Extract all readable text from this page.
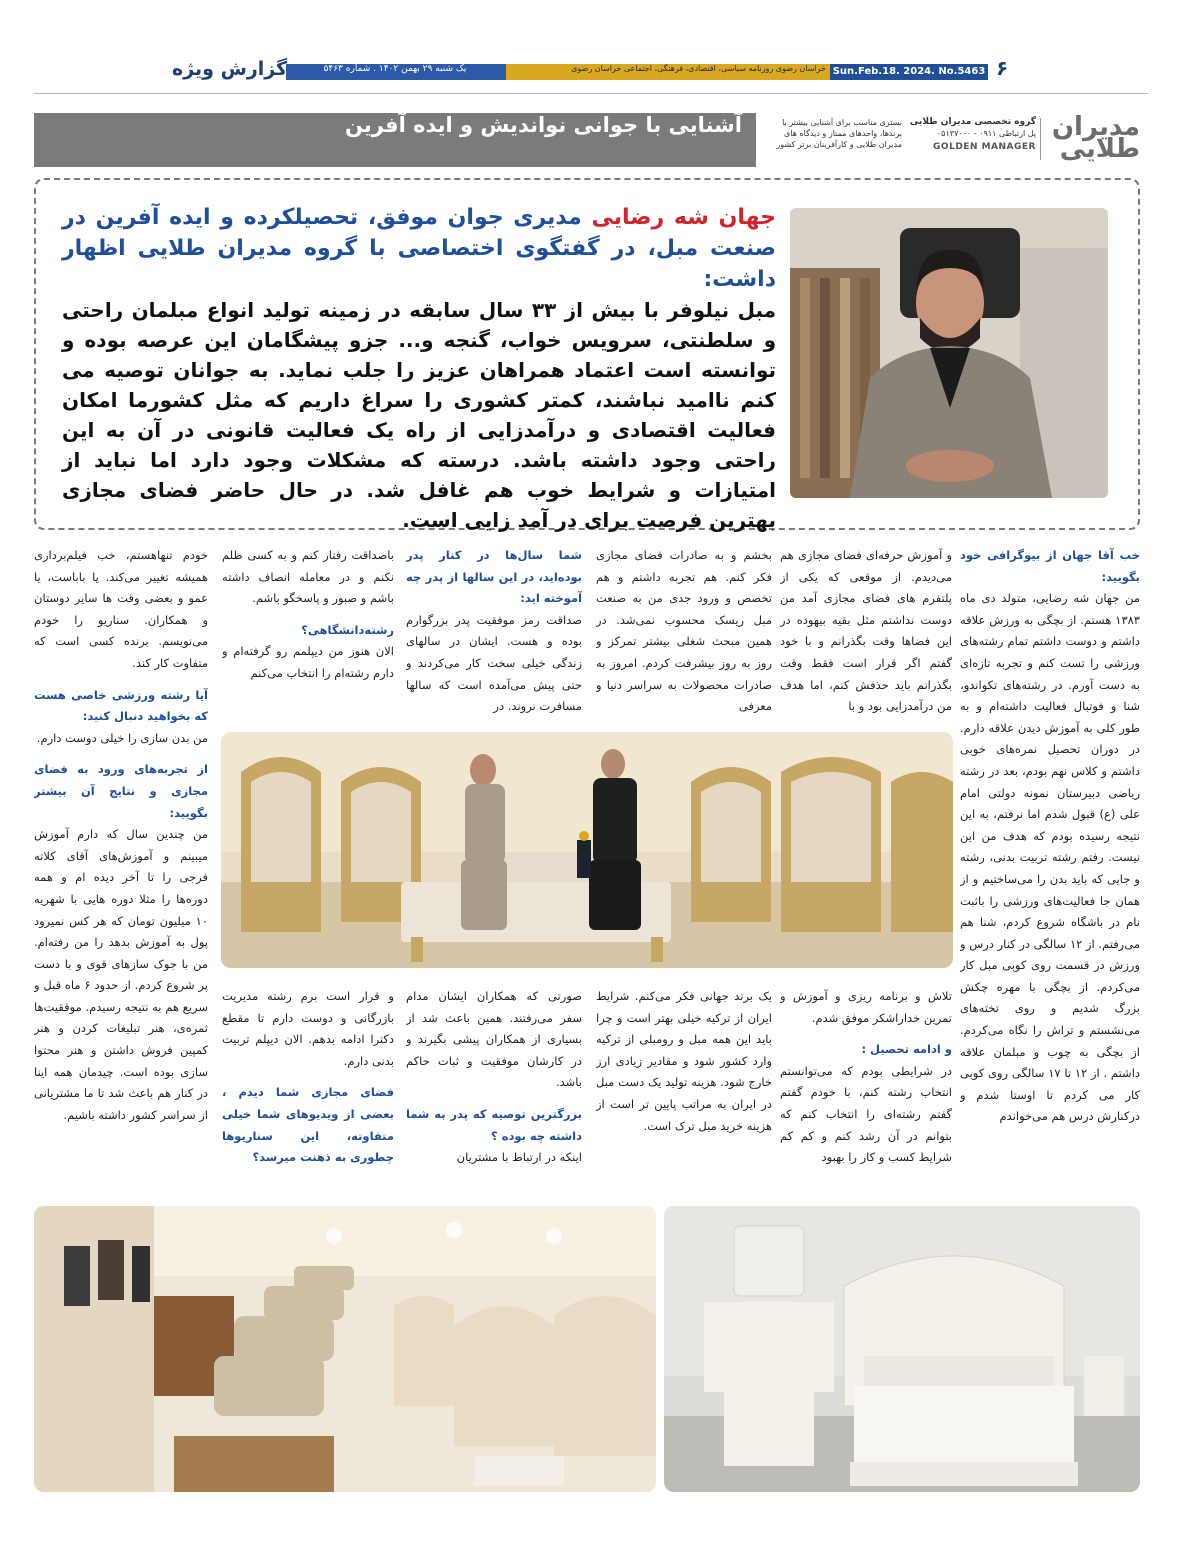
۶
Sun.Feb.18. 2024. No.5463
خراسان رضوی روزنامه سیاسی، اقتصادی، فرهنگی، اجتماعی خراسان رضوی
یک شنبه ۲۹ بهمن ۱۴۰۲ . شماره ۵۴۶۳
گزارش ویژه
آشنایی با جوانی نواندیش و ایده آفرین	مدیران
طلایی
گروه تخصصی مدیران طلایی
پل ارتباطی ۰۹۱۱ - ۰۵۱۳۷۰۰۰
GOLDEN MANAGER
بستری مناسب برای آشنایی بیشتر با
برندها، واحدهای ممتاز و دیدگاه های
مدیران طلایی و کارآفرینان برتر کشور

جهان شه رضایی مدیری جوان موفق، تحصیلکرده و ایده آفرین در صنعت مبل، در گفتگوی اختصاصی با گروه مدیران طلایی اظهار داشت:

مبل نیلوفر با بیش از ۳۳ سال سابقه در زمینه تولید انواع مبلمان راحتی و سلطنتی، سرویس خواب، گنجه و... جزو پیشگامان این عرصه بوده و توانسته است اعتماد همراهان عزیز را جلب نماید. به جوانان توصیه می کنم ناامید نباشند، کمتر کشوری را سراغ داریم که مثل کشورما امکان فعالیت اقتصادی و درآمدزایی از راه یک فعالیت قانونی در آن به این راحتی وجود داشته باشد. درسته که مشکلات وجود دارد اما نباید از امتیازات و شرایط خوب هم غافل شد. در حال حاضر فضای مجازی بهترین فرصت برای در آمد زایی است.

خب آقا جهان از بیوگرافی خود بگویید:

من جهان شه رضایی، متولد دی ماه ۱۳۸۳ هستم. از بچگی به ورزش علاقه داشتم و دوست داشتم تمام رشته‌های ورزشی را تست کنم و تجربه تازه‌ای به دست آورم. در رشته‌های تکواندو، شنا و فوتبال فعالیت داشته‌ام و به طور کلی به آموزش دیدن علاقه دارم. در دوران تحصیل نمره‌های خوبی داشتم و کلاس نهم بودم، بعد در رشته ریاضی دبیرستان نمونه دولتی امام علی (ع) قبول شدم اما نرفتم، به این نتیجه رسیده بودم که هدف من این نیست. رفتم رشته تربیت بدنی، رشته و جایی که باید بدن را می‌ساختیم و از همان جا فعالیت‌های ورزشی را باثبت نام در باشگاه شروع کردم، شنا هم می‌رفتم. از ۱۲ سالگی در کنار درس و ورزش در قسمت روی کوبی مبل کار می‌کردم. از بچگی با مهره چکش بزرگ شدیم و روی تخته‌های می‌نشستم و تراش را نگاه می‌کردم. از بچگی به چوب و مبلمان علاقه داشتم . از ۱۲ تا ۱۷ سالگی روی کوبی کار می کردم تا اوستا شدم و درکنارش درس هم می‌خواندم

و آموزش حرفه‌ای فضای مجازی هم می‌دیدم. از موقعی که یکی از پلتفرم های فضای مجازی آمد من دوست نداشتم مثل بقیه بیهوده در این فضاها وقت بگذرانم و با خود گفتم اگر قرار است فقط وقت بگذرانم باید حذفش کنم، اما هدف من درآمدزایی بود و با

بخشم و به صادرات فضای مجازی فکر کنم. هم تجربه داشتم و هم تخصص و ورود جدی من به صنعت مبل ریسک محسوب نمی‌شد. در همین مبحث شغلی بیشتر تمرکز و روز به روز بیشرفت کردم. امروز به صادرات محصولات به سراسر دنیا و معرفی

شما سال‌ها در کنار پدر بوده‌اید، در این سالها از پدر چه آموخته اید:

صداقت رمز موفقیت پدر بزرگوارم بوده و هست. ایشان در سالهای زندگی خیلی سخت کار می‌کردند و حتی پیش می‌آمده است که سالها مسافرت نروند. در

باصداقت رفتار کنم و به کسی ظلم نکنم و در معامله انصاف داشته باشم و صبور و پاسخگو باشم.

رشته‌دانشگاهی؟

الان هنوز من دیپلمم رو گرفته‌ام و دارم رشته‌ام را انتخاب می‌کنم

خودم تنهاهستم، خب فیلم‌برداری همیشه تغییر می‌کند. یا باباست، یا عمو و بعضی وقت ها سایر دوستان و همکاران. سناریو را خودم می‌نویسم. برنده کسی است که متفاوت کار کند.

آیا رشته ورزشی خاصی هست که بخواهید دنبال کنید:

من بدن سازی را خیلی دوست دارم.

از تجربه‌های ورود به فضای مجازی و نتایج آن بیشتر بگویید:

من چندین سال که دارم آموزش میبینم و آموزش‌های آقای کلاته فرجی را تا آخر دیده ام و همه دوره‌ها را مثلا دوره هایی با شهریه ۱۰ میلیون تومان که هر کس نمیرود پول به آموزش بدهد را من رفته‌ام. من با جوک سازهای قوی و با دست پر شروع کردم. از حدود ۶ ماه قبل و سریع هم به نتیجه رسیدم. موفقیت‌ها ثمره‌ی، هنر تبلیغات کردن و هنر کمپین فروش داشتن و هنر محتوا سازی بوده است. چیدمان همه اینا در کنار هم باعث شد تا ما مشتریانی از سراسر کشور داشته باشیم.

تلاش و برنامه ریزی و آموزش و تمرین خداراشکر موفق شدم.

و ادامه تحصیل :

در شرایطی بودم که می‌توانستم انتخاب رشته کنم، با خودم گفتم گفتم رشته‌ای را انتخاب کنم که بتوانم در آن رشد کنم و کم کم شرایط کسب و کار را بهبود

یک برند جهانی فکر می‌کنم. شرایط ایران از ترکیه خیلی بهتر است و چرا باید این همه مبل و رومبلی از ترکیه وارد کشور شود و مقادیر زیادی ارز خارج شود. هزینه تولید یک دست مبل در ایران به مراتب پایین تر است از هزینه خرید مبل ترک است.

صورتی که همکاران ایشان مدام سفر می‌رفتند. همین باعث شد از بسیاری از همکاران پیشی بگیرند و در کارشان موفقیت و ثبات حاکم باشد.

بزرگترین توصیه که پدر به شما داشته چه بوده ؟

اینکه در ارتباط با مشتریان

و قرار است برم رشته مدیریت بازرگانی و دوست دارم تا مقطع دکترا ادامه بدهم. الان دیپلم تربیت بدنی دارم.

فضای مجازی شما دیدم ، بعضی از ویدیوهای شما خیلی متفاوته، این سناریوها چطوری به ذهنت میرسد؟
